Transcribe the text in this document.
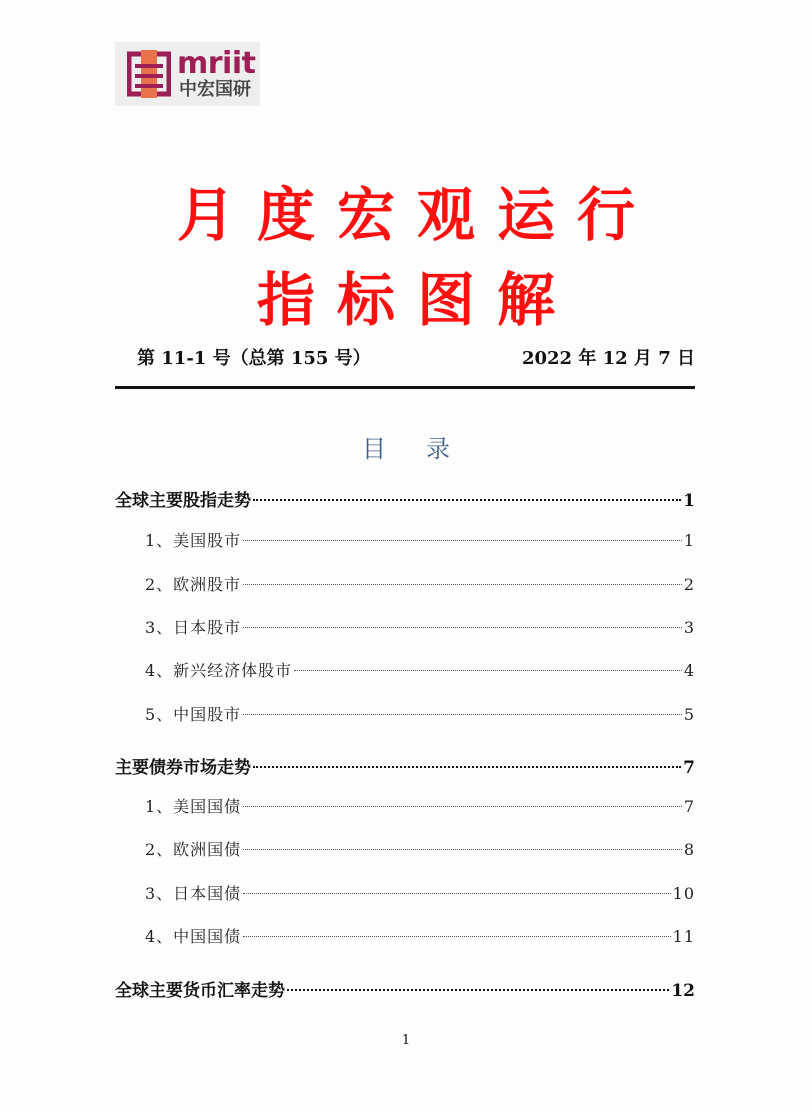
mriit
中宏国研
月度宏观运行
指标图解
第 11-1 号（总第 155 号）	2022 年 12 月 7 日
目录
全球主要股指走势	1
1、美国股市	1
2、欧洲股市	2
3、日本股市	3
4、新兴经济体股市	4
5、中国股市	5
主要债券市场走势	7
1、美国国债	7
2、欧洲国债	8
3、日本国债	10
4、中国国债	11
全球主要货币汇率走势	12
1
